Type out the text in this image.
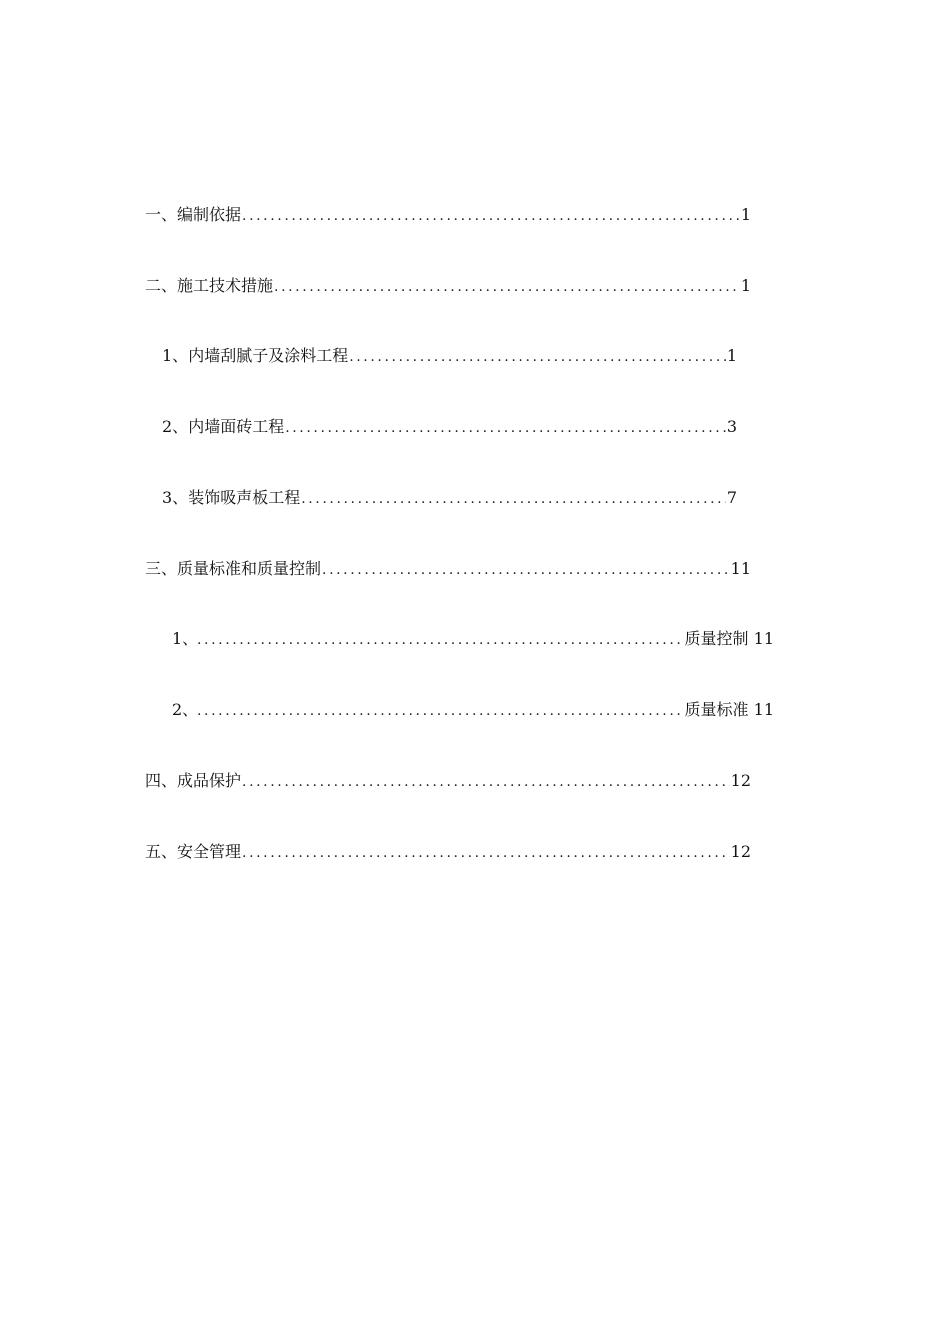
一、 编制依据 .....	1
二、 施工技术措施 .....	1
1、 内墙刮腻子及涂料工程 .....	1
2、 内墙面砖工程 .....	3
3、 装饰吸声板工程 .....	7
三、 质量标准和质量控制 .....	11
1、 .....	质量控制 11
2、 .....	质量标准 11
四、 成品保护 .....	12
五、 安全管理 .....	12
